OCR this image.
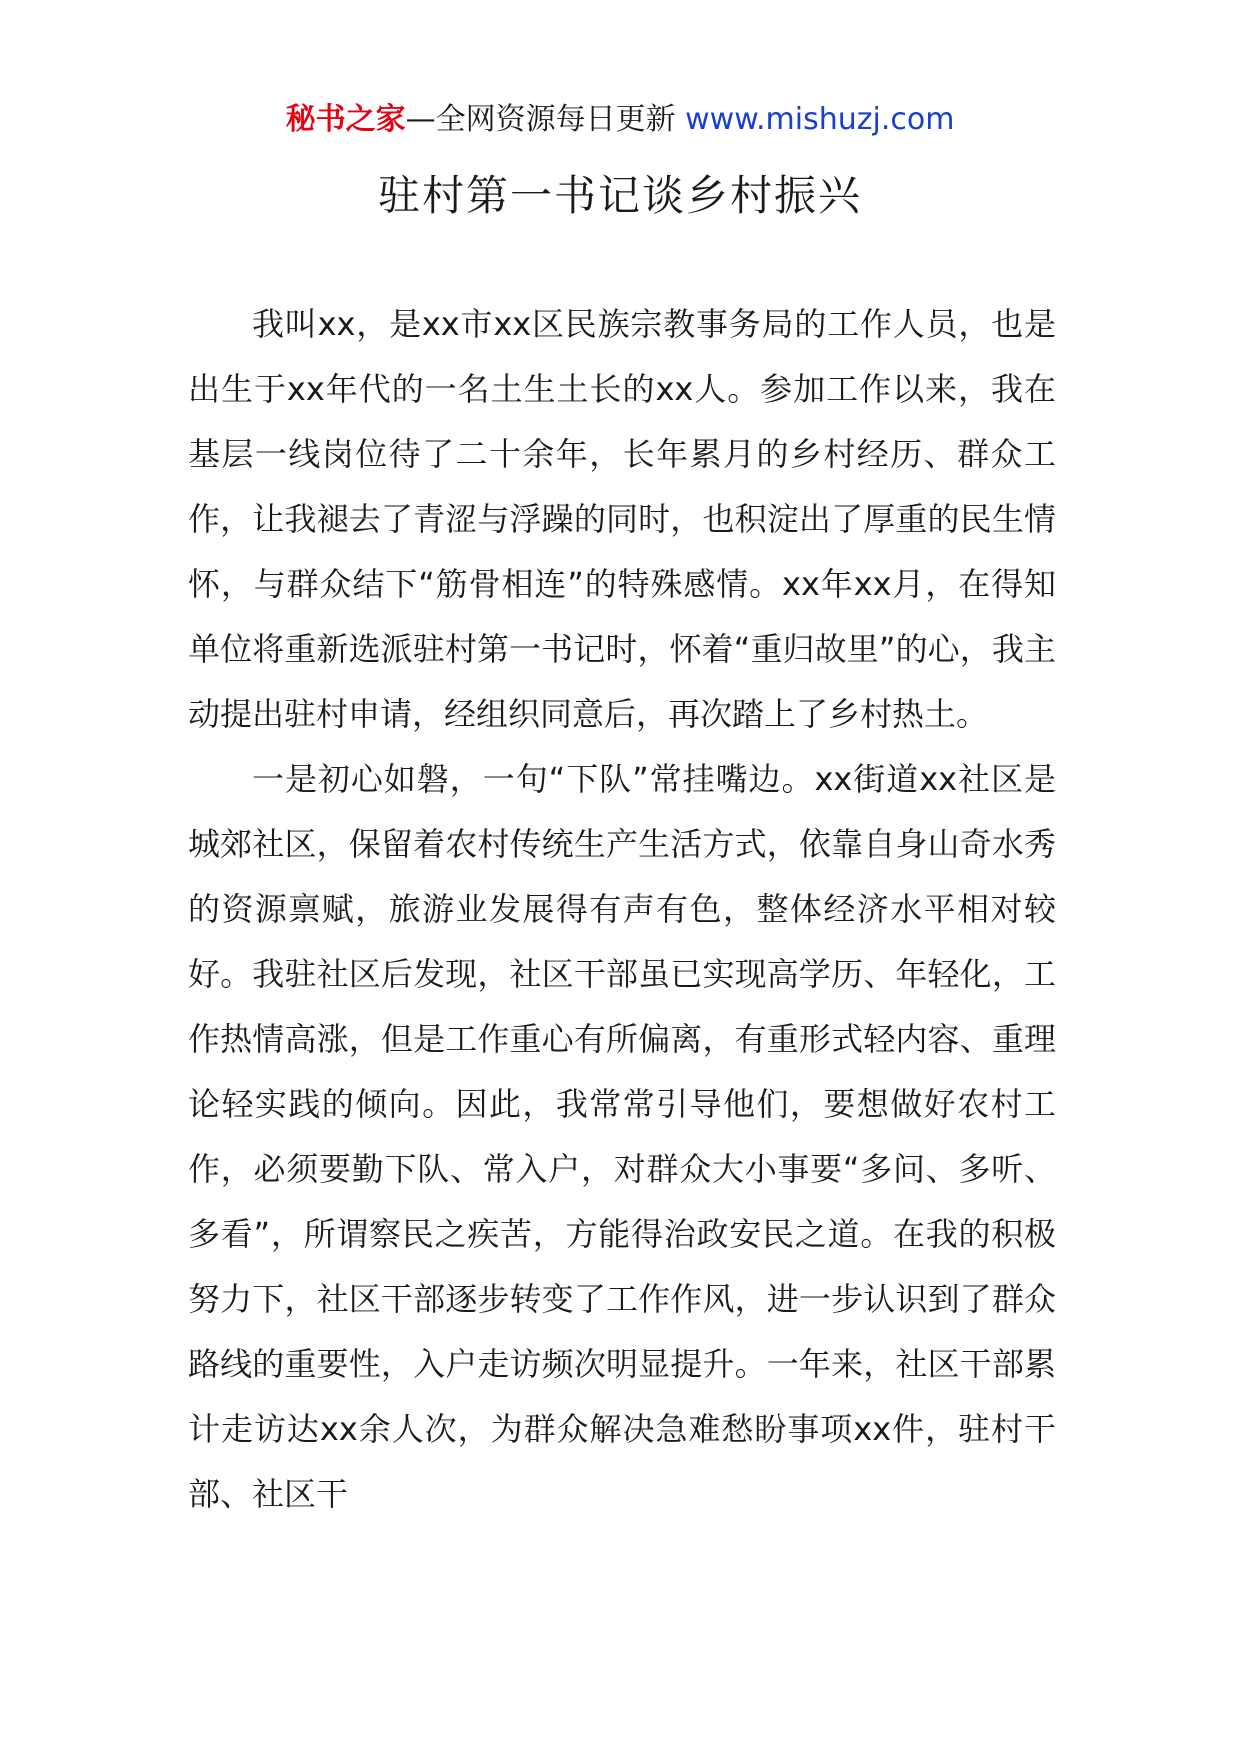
秘书之家—全网资源每日更新 www.mishuzj.com
驻村第一书记谈乡村振兴

我叫xx，是xx市xx区民族宗教事务局的工作人员，也是出生于xx年代的一名土生土长的xx人。参加工作以来，我在基层一线岗位待了二十余年，长年累月的乡村经历、群众工作，让我褪去了青涩与浮躁的同时，也积淀出了厚重的民生情怀，与群众结下“筋骨相连”的特殊感情。xx年xx月，在得知单位将重新选派驻村第一书记时，怀着“重归故里”的心，我主动提出驻村申请，经组织同意后，再次踏上了乡村热土。

一是初心如磐，一句“下队”常挂嘴边。xx街道xx社区是城郊社区，保留着农村传统生产生活方式，依靠自身山奇水秀的资源禀赋，旅游业发展得有声有色，整体经济水平相对较好。我驻社区后发现，社区干部虽已实现高学历、年轻化，工作热情高涨，但是工作重心有所偏离，有重形式轻内容、重理论轻实践的倾向。因此，我常常引导他们，要想做好农村工作，必须要勤下队、常入户，对群众大小事要“多问、多听、多看”，所谓察民之疾苦，方能得治政安民之道。在我的积极努力下，社区干部逐步转变了工作作风，进一步认识到了群众路线的重要性，入户走访频次明显提升。一年来，社区干部累计走访达xx余人次，为群众解决急难愁盼事项xx件，驻村干部、社区干
